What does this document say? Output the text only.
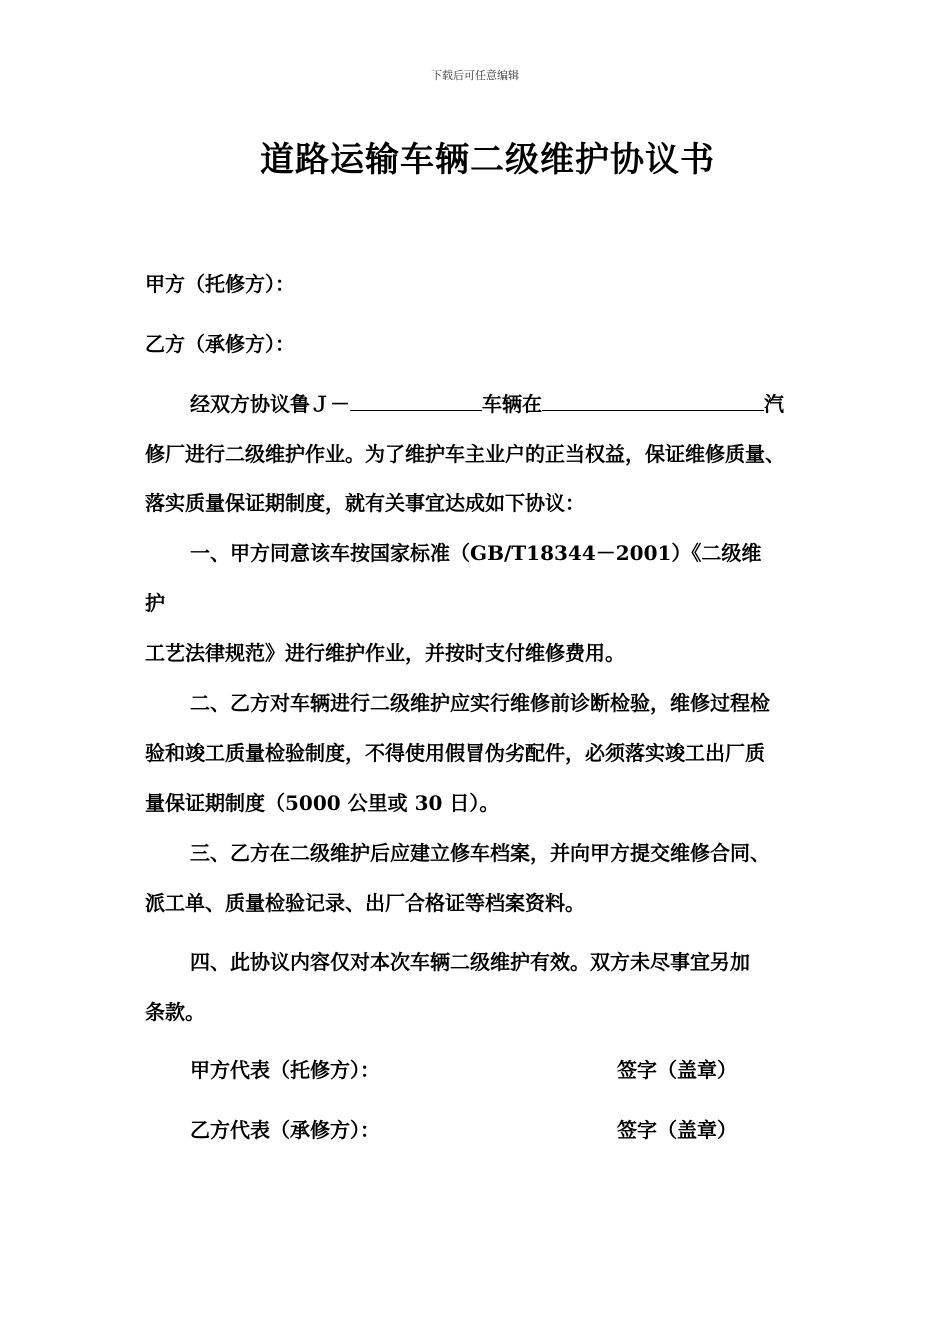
下载后可任意编辑
道路运输车辆二级维护协议书
甲方（托修方）：
乙方（承修方）：
经双方协议鲁Ｊ－	车辆在	汽
修厂进行二级维护作业。为了维护车主业户的正当权益，保证维修质量、
落实质量保证期制度，就有关事宜达成如下协议：
一、甲方同意该车按国家标准（GB/T18344－2001）《二级维
护
工艺法律规范》进行维护作业，并按时支付维修费用。
二、乙方对车辆进行二级维护应实行维修前诊断检验，维修过程检
验和竣工质量检验制度，不得使用假冒伪劣配件，必须落实竣工出厂质
量保证期制度（5000 公里或 30 日）。
三、乙方在二级维护后应建立修车档案，并向甲方提交维修合同、
派工单、质量检验记录、出厂合格证等档案资料。
四、此协议内容仅对本次车辆二级维护有效。双方未尽事宜另加
条款。
甲方代表（托修方）：	签字（盖章）
乙方代表（承修方）：	签字（盖章）
